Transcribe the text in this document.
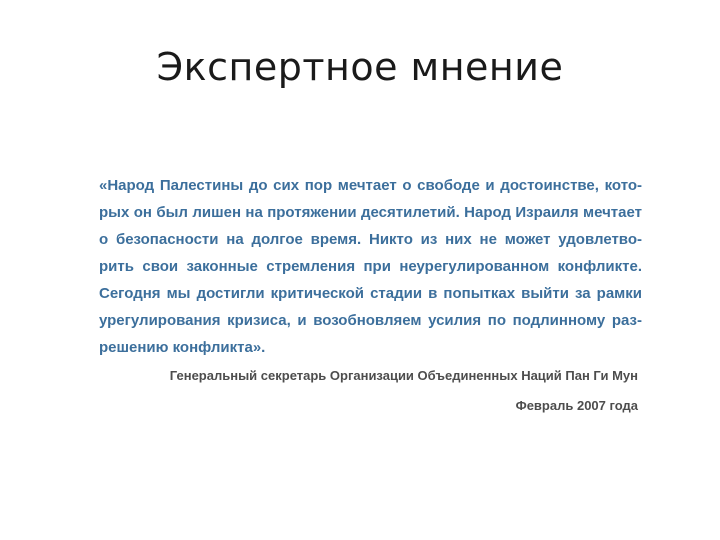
Экспертное мнение
«Народ Палестины до сих пор мечтает о свободе и достоинстве, кото-
рых он был лишен на протяжении десятилетий. Народ Израиля мечтает
о безопасности на долгое время. Никто из них не может удовлетво-
рить свои законные стремления при неурегулированном конфликте.
Сегодня мы достигли критической стадии в попытках выйти за рамки
урегулирования кризиса, и возобновляем усилия по подлинному раз-
решению конфликта».
Генеральный секретарь Организации Объединенных Наций Пан Ги Мун
Февраль 2007 года
